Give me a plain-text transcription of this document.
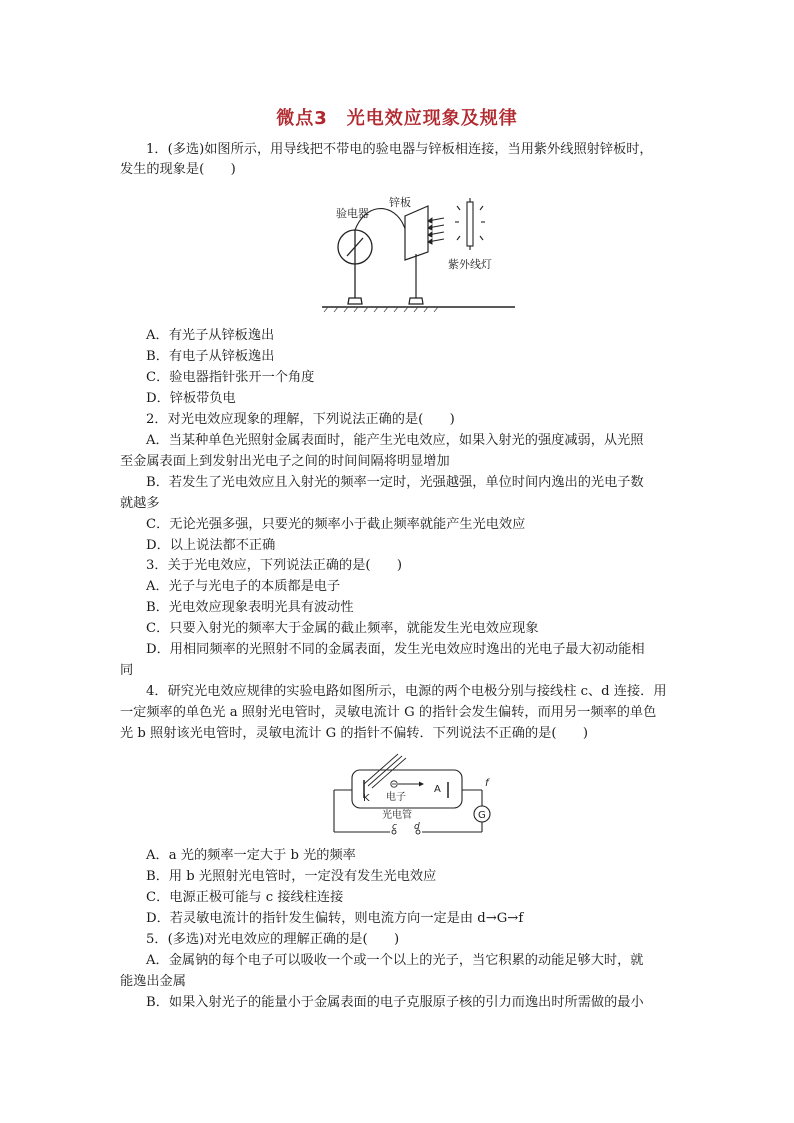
微点3　光电效应现象及规律
1．(多选)如图所示，用导线把不带电的验电器与锌板相连接，当用紫外线照射锌板时，
发生的现象是(　　)
验电器
锌板
紫外线灯
A．有光子从锌板逸出
B．有电子从锌板逸出
C．验电器指针张开一个角度
D．锌板带负电
2．对光电效应现象的理解，下列说法正确的是(　　)
A．当某种单色光照射金属表面时，能产生光电效应，如果入射光的强度减弱，从光照
至金属表面上到发射出光电子之间的时间间隔将明显增加
B．若发生了光电效应且入射光的频率一定时，光强越强，单位时间内逸出的光电子数
就越多
C．无论光强多强，只要光的频率小于截止频率就能产生光电效应
D．以上说法都不正确
3．关于光电效应，下列说法正确的是(　　)
A．光子与光电子的本质都是电子
B．光电效应现象表明光具有波动性
C．只要入射光的频率大于金属的截止频率，就能发生光电效应现象
D．用相同频率的光照射不同的金属表面，发生光电效应时逸出的光电子最大初动能相
同
4．研究光电效应规律的实验电路如图所示，电源的两个电极分别与接线柱 c、d 连接．用
一定频率的单色光 a 照射光电管时，灵敏电流计 G 的指针会发生偏转，而用另一频率的单色
光 b 照射该光电管时，灵敏电流计 G 的指针不偏转．下列说法不正确的是(　　)
G
c d
f
K
A
电子
光电管
A．a 光的频率一定大于 b 光的频率
B．用 b 光照射光电管时，一定没有发生光电效应
C．电源正极可能与 c 接线柱连接
D．若灵敏电流计的指针发生偏转，则电流方向一定是由 d→G→f
5．(多选)对光电效应的理解正确的是(　　)
A．金属钠的每个电子可以吸收一个或一个以上的光子，当它积累的动能足够大时，就
能逸出金属
B．如果入射光子的能量小于金属表面的电子克服原子核的引力而逸出时所需做的最小
